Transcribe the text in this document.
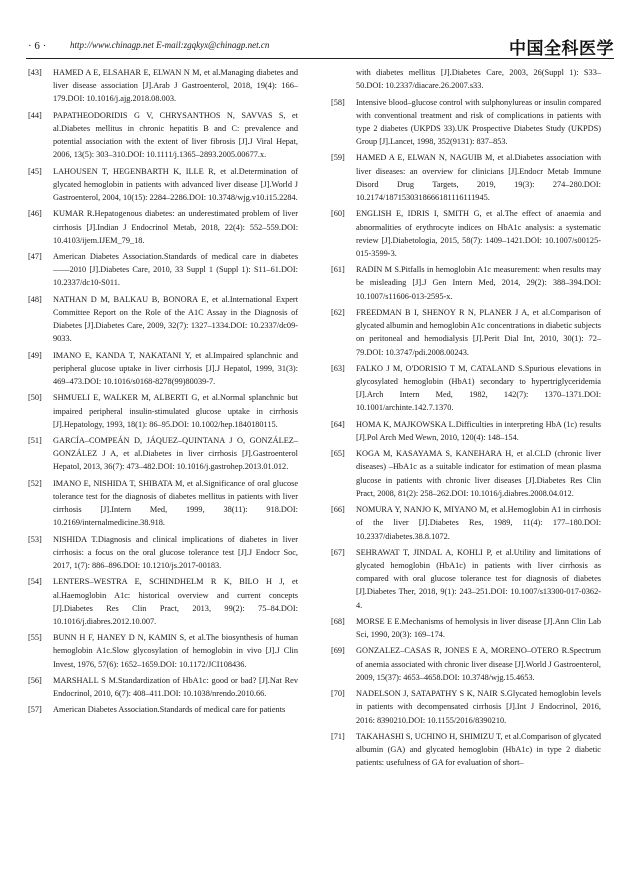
· 6 ·	http://www.chinagp.net E-mail:zgqkyx@chinagp.net.cn	中国全科医学
[43] HAMED A E, ELSAHAR E, ELWAN N M, et al.Managing diabetes and liver disease association [J].Arab J Gastroenterol, 2018, 19(4): 166–179.DOI: 10.1016/j.ajg.2018.08.003.
[44] PAPATHEODORIDIS G V, CHRYSANTHOS N, SAVVAS S, et al.Diabetes mellitus in chronic hepatitis B and C: prevalence and potential association with the extent of liver fibrosis [J].J Viral Hepat, 2006, 13(5): 303–310.DOI: 10.1111/j.1365–2893.2005.00677.x.
[45] LAHOUSEN T, HEGENBARTH K, ILLE R, et al.Determination of glycated hemoglobin in patients with advanced liver disease [J].World J Gastroenterol, 2004, 10(15): 2284–2286.DOI: 10.3748/wjg.v10.i15.2284.
[46] KUMAR R.Hepatogenous diabetes: an underestimated problem of liver cirrhosis [J].Indian J Endocrinol Metab, 2018, 22(4): 552–559.DOI: 10.4103/ijem.IJEM_79_18.
[47] American Diabetes Association.Standards of medical care in diabetes——2010 [J].Diabetes Care, 2010, 33 Suppl 1 (Suppl 1): S11–61.DOI: 10.2337/dc10-S011.
[48] NATHAN D M, BALKAU B, BONORA E, et al.International Expert Committee Report on the Role of the A1C Assay in the Diagnosis of Diabetes [J].Diabetes Care, 2009, 32(7): 1327–1334.DOI: 10.2337/dc09-9033.
[49] IMANO E, KANDA T, NAKATANI Y, et al.Impaired splanchnic and peripheral glucose uptake in liver cirrhosis [J].J Hepatol, 1999, 31(3): 469–473.DOI: 10.1016/s0168-8278(99)80039-7.
[50] SHMUELI E, WALKER M, ALBERTI G, et al.Normal splanchnic but impaired peripheral insulin-stimulated glucose uptake in cirrhosis [J].Hepatology, 1993, 18(1): 86–95.DOI: 10.1002/hep.1840180115.
[51] GARCÍA–COMPEÁN D, JÁQUEZ–QUINTANA J O, GONZÁLEZ–GONZÁLEZ J A, et al.Diabetes in liver cirrhosis [J].Gastroenterol Hepatol, 2013, 36(7): 473–482.DOI: 10.1016/j.gastrohep.2013.01.012.
[52] IMANO E, NISHIDA T, SHIBATA M, et al.Significance of oral glucose tolerance test for the diagnosis of diabetes mellitus in patients with liver cirrhosis [J].Intern Med, 1999, 38(11): 918.DOI: 10.2169/internalmedicine.38.918.
[53] NISHIDA T.Diagnosis and clinical implications of diabetes in liver cirrhosis: a focus on the oral glucose tolerance test [J].J Endocr Soc, 2017, 1(7): 886–896.DOI: 10.1210/js.2017-00183.
[54] LENTERS–WESTRA E, SCHINDHELM R K, BILO H J, et al.Haemoglobin A1c: historical overview and current concepts [J].Diabetes Res Clin Pract, 2013, 99(2): 75–84.DOI: 10.1016/j.diabres.2012.10.007.
[55] BUNN H F, HANEY D N, KAMIN S, et al.The biosynthesis of human hemoglobin A1c.Slow glycosylation of hemoglobin in vivo [J].J Clin Invest, 1976, 57(6): 1652–1659.DOI: 10.1172/JCI108436.
[56] MARSHALL S M.Standardization of HbA1c: good or bad? [J].Nat Rev Endocrinol, 2010, 6(7): 408–411.DOI: 10.1038/nrendo.2010.66.
[57] American Diabetes Association.Standards of medical care for patients
with diabetes mellitus [J].Diabetes Care, 2003, 26(Suppl 1): S33–50.DOI: 10.2337/diacare.26.2007.s33.
[58] Intensive blood–glucose control with sulphonylureas or insulin compared with conventional treatment and risk of complications in patients with type 2 diabetes (UKPDS 33).UK Prospective Diabetes Study (UKPDS) Group [J].Lancet, 1998, 352(9131): 837–853.
[59] HAMED A E, ELWAN N, NAGUIB M, et al.Diabetes association with liver diseases: an overview for clinicians [J].Endocr Metab Immune Disord Drug Targets, 2019, 19(3): 274–280.DOI: 10.2174/1871530318666181116111945.
[60] ENGLISH E, IDRIS I, SMITH G, et al.The effect of anaemia and abnormalities of erythrocyte indices on HbA1c analysis: a systematic review [J].Diabetologia, 2015, 58(7): 1409–1421.DOI: 10.1007/s00125-015-3599-3.
[61] RADIN M S.Pitfalls in hemoglobin A1c measurement: when results may be misleading [J].J Gen Intern Med, 2014, 29(2): 388–394.DOI: 10.1007/s11606-013-2595-x.
[62] FREEDMAN B I, SHENOY R N, PLANER J A, et al.Comparison of glycated albumin and hemoglobin A1c concentrations in diabetic subjects on peritoneal and hemodialysis [J].Perit Dial Int, 2010, 30(1): 72–79.DOI: 10.3747/pdi.2008.00243.
[63] FALKO J M, O'DORISIO T M, CATALAND S.Spurious elevations in glycosylated hemoglobin (HbA1) secondary to hypertriglyceridemia [J].Arch Intern Med, 1982, 142(7): 1370–1371.DOI: 10.1001/archinte.142.7.1370.
[64] HOMA K, MAJKOWSKA L.Difficulties in interpreting HbA (1c) results [J].Pol Arch Med Wewn, 2010, 120(4): 148–154.
[65] KOGA M, KASAYAMA S, KANEHARA H, et al.CLD (chronic liver diseases) –HbA1c as a suitable indicator for estimation of mean plasma glucose in patients with chronic liver diseases [J].Diabetes Res Clin Pract, 2008, 81(2): 258–262.DOI: 10.1016/j.diabres.2008.04.012.
[66] NOMURA Y, NANJO K, MIYANO M, et al.Hemoglobin A1 in cirrhosis of the liver [J].Diabetes Res, 1989, 11(4): 177–180.DOI: 10.2337/diabetes.38.8.1072.
[67] SEHRAWAT T, JINDAL A, KOHLI P, et al.Utility and limitations of glycated hemoglobin (HbA1c) in patients with liver cirrhosis as compared with oral glucose tolerance test for diagnosis of diabetes [J].Diabetes Ther, 2018, 9(1): 243–251.DOI: 10.1007/s13300-017-0362-4.
[68] MORSE E E.Mechanisms of hemolysis in liver disease [J].Ann Clin Lab Sci, 1990, 20(3): 169–174.
[69] GONZALEZ–CASAS R, JONES E A, MORENO–OTERO R.Spectrum of anemia associated with chronic liver disease [J].World J Gastroenterol, 2009, 15(37): 4653–4658.DOI: 10.3748/wjg.15.4653.
[70] NADELSON J, SATAPATHY S K, NAIR S.Glycated hemoglobin levels in patients with decompensated cirrhosis [J].Int J Endocrinol, 2016, 2016: 8390210.DOI: 10.1155/2016/8390210.
[71] TAKAHASHI S, UCHINO H, SHIMIZU T, et al.Comparison of glycated albumin (GA) and glycated hemoglobin (HbA1c) in type 2 diabetic patients: usefulness of GA for evaluation of short–
